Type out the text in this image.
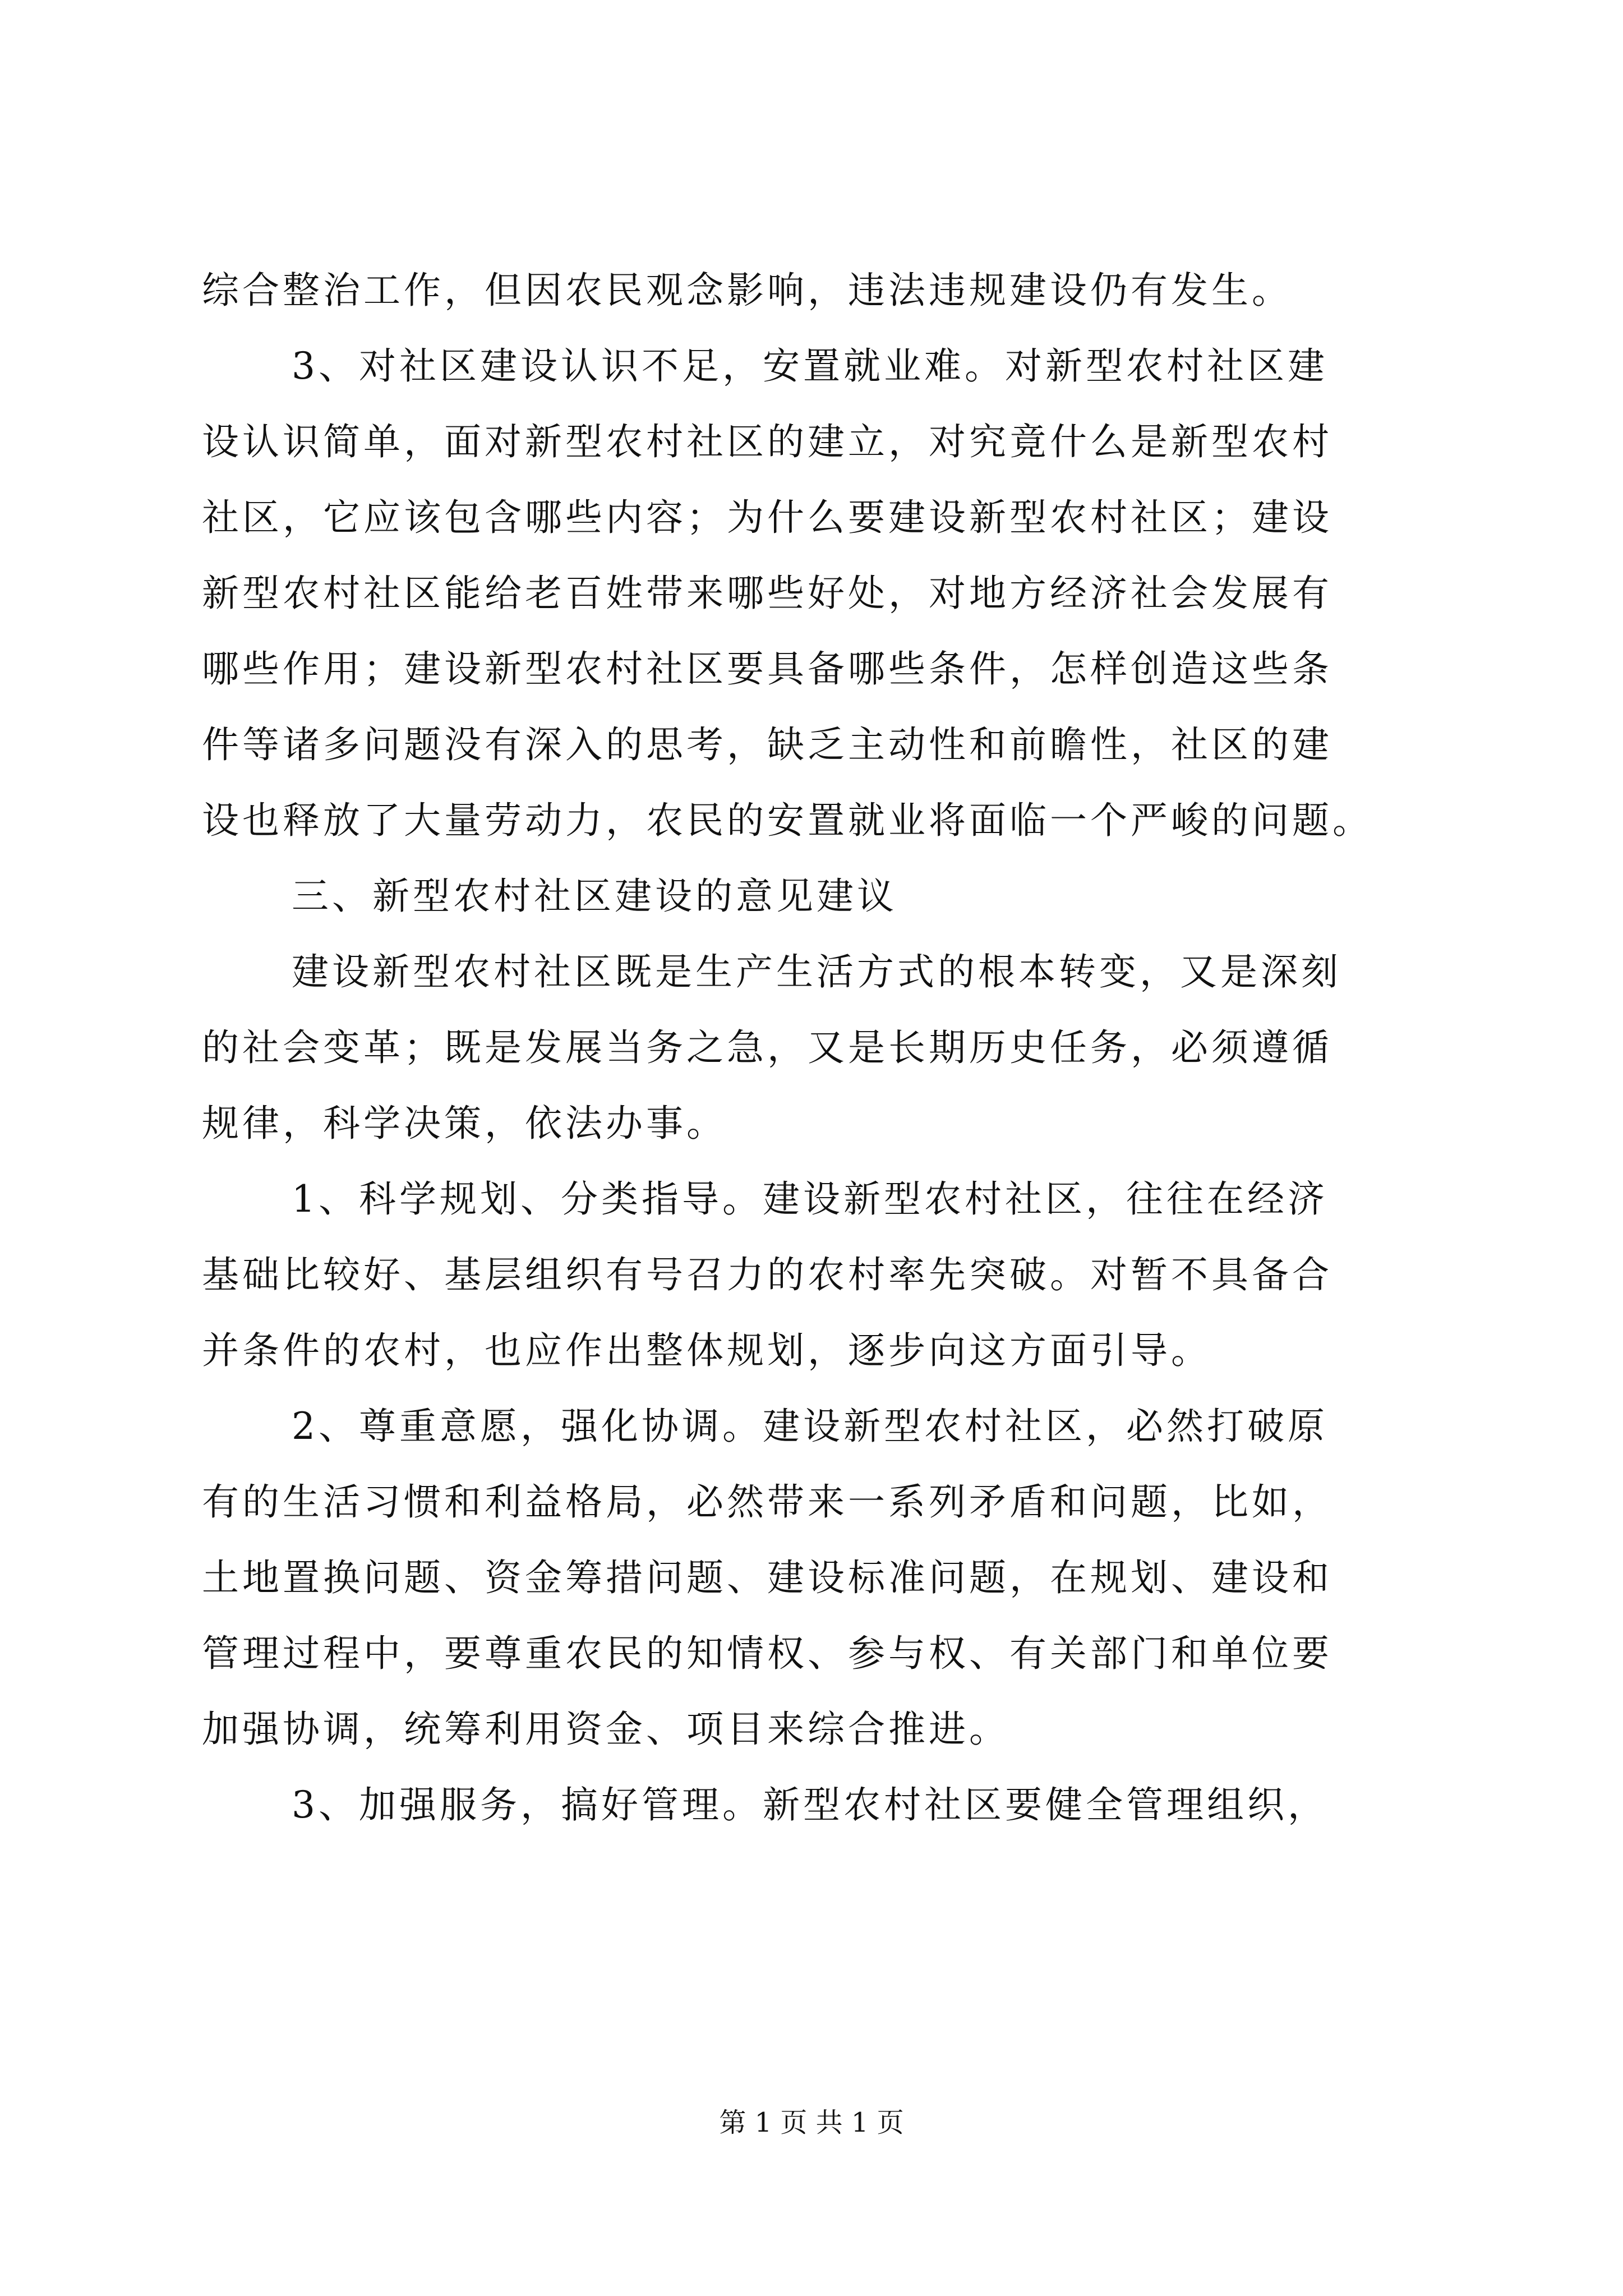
综合整治工作，但因农民观念影响，违法违规建设仍有发生。
3、对社区建设认识不足，安置就业难。对新型农村社区建
设认识简单，面对新型农村社区的建立，对究竟什么是新型农村
社区，它应该包含哪些内容；为什么要建设新型农村社区；建设
新型农村社区能给老百姓带来哪些好处，对地方经济社会发展有
哪些作用；建设新型农村社区要具备哪些条件，怎样创造这些条
件等诸多问题没有深入的思考，缺乏主动性和前瞻性，社区的建
设也释放了大量劳动力，农民的安置就业将面临一个严峻的问题。
三、新型农村社区建设的意见建议
建设新型农村社区既是生产生活方式的根本转变，又是深刻
的社会变革；既是发展当务之急，又是长期历史任务，必须遵循
规律，科学决策，依法办事。
1、科学规划、分类指导。建设新型农村社区，往往在经济
基础比较好、基层组织有号召力的农村率先突破。对暂不具备合
并条件的农村，也应作出整体规划，逐步向这方面引导。
2、尊重意愿，强化协调。建设新型农村社区，必然打破原
有的生活习惯和利益格局，必然带来一系列矛盾和问题，比如，
土地置换问题、资金筹措问题、建设标准问题，在规划、建设和
管理过程中，要尊重农民的知情权、参与权、有关部门和单位要
加强协调，统筹利用资金、项目来综合推进。
3、加强服务，搞好管理。新型农村社区要健全管理组织，
第 1 页 共 1 页
